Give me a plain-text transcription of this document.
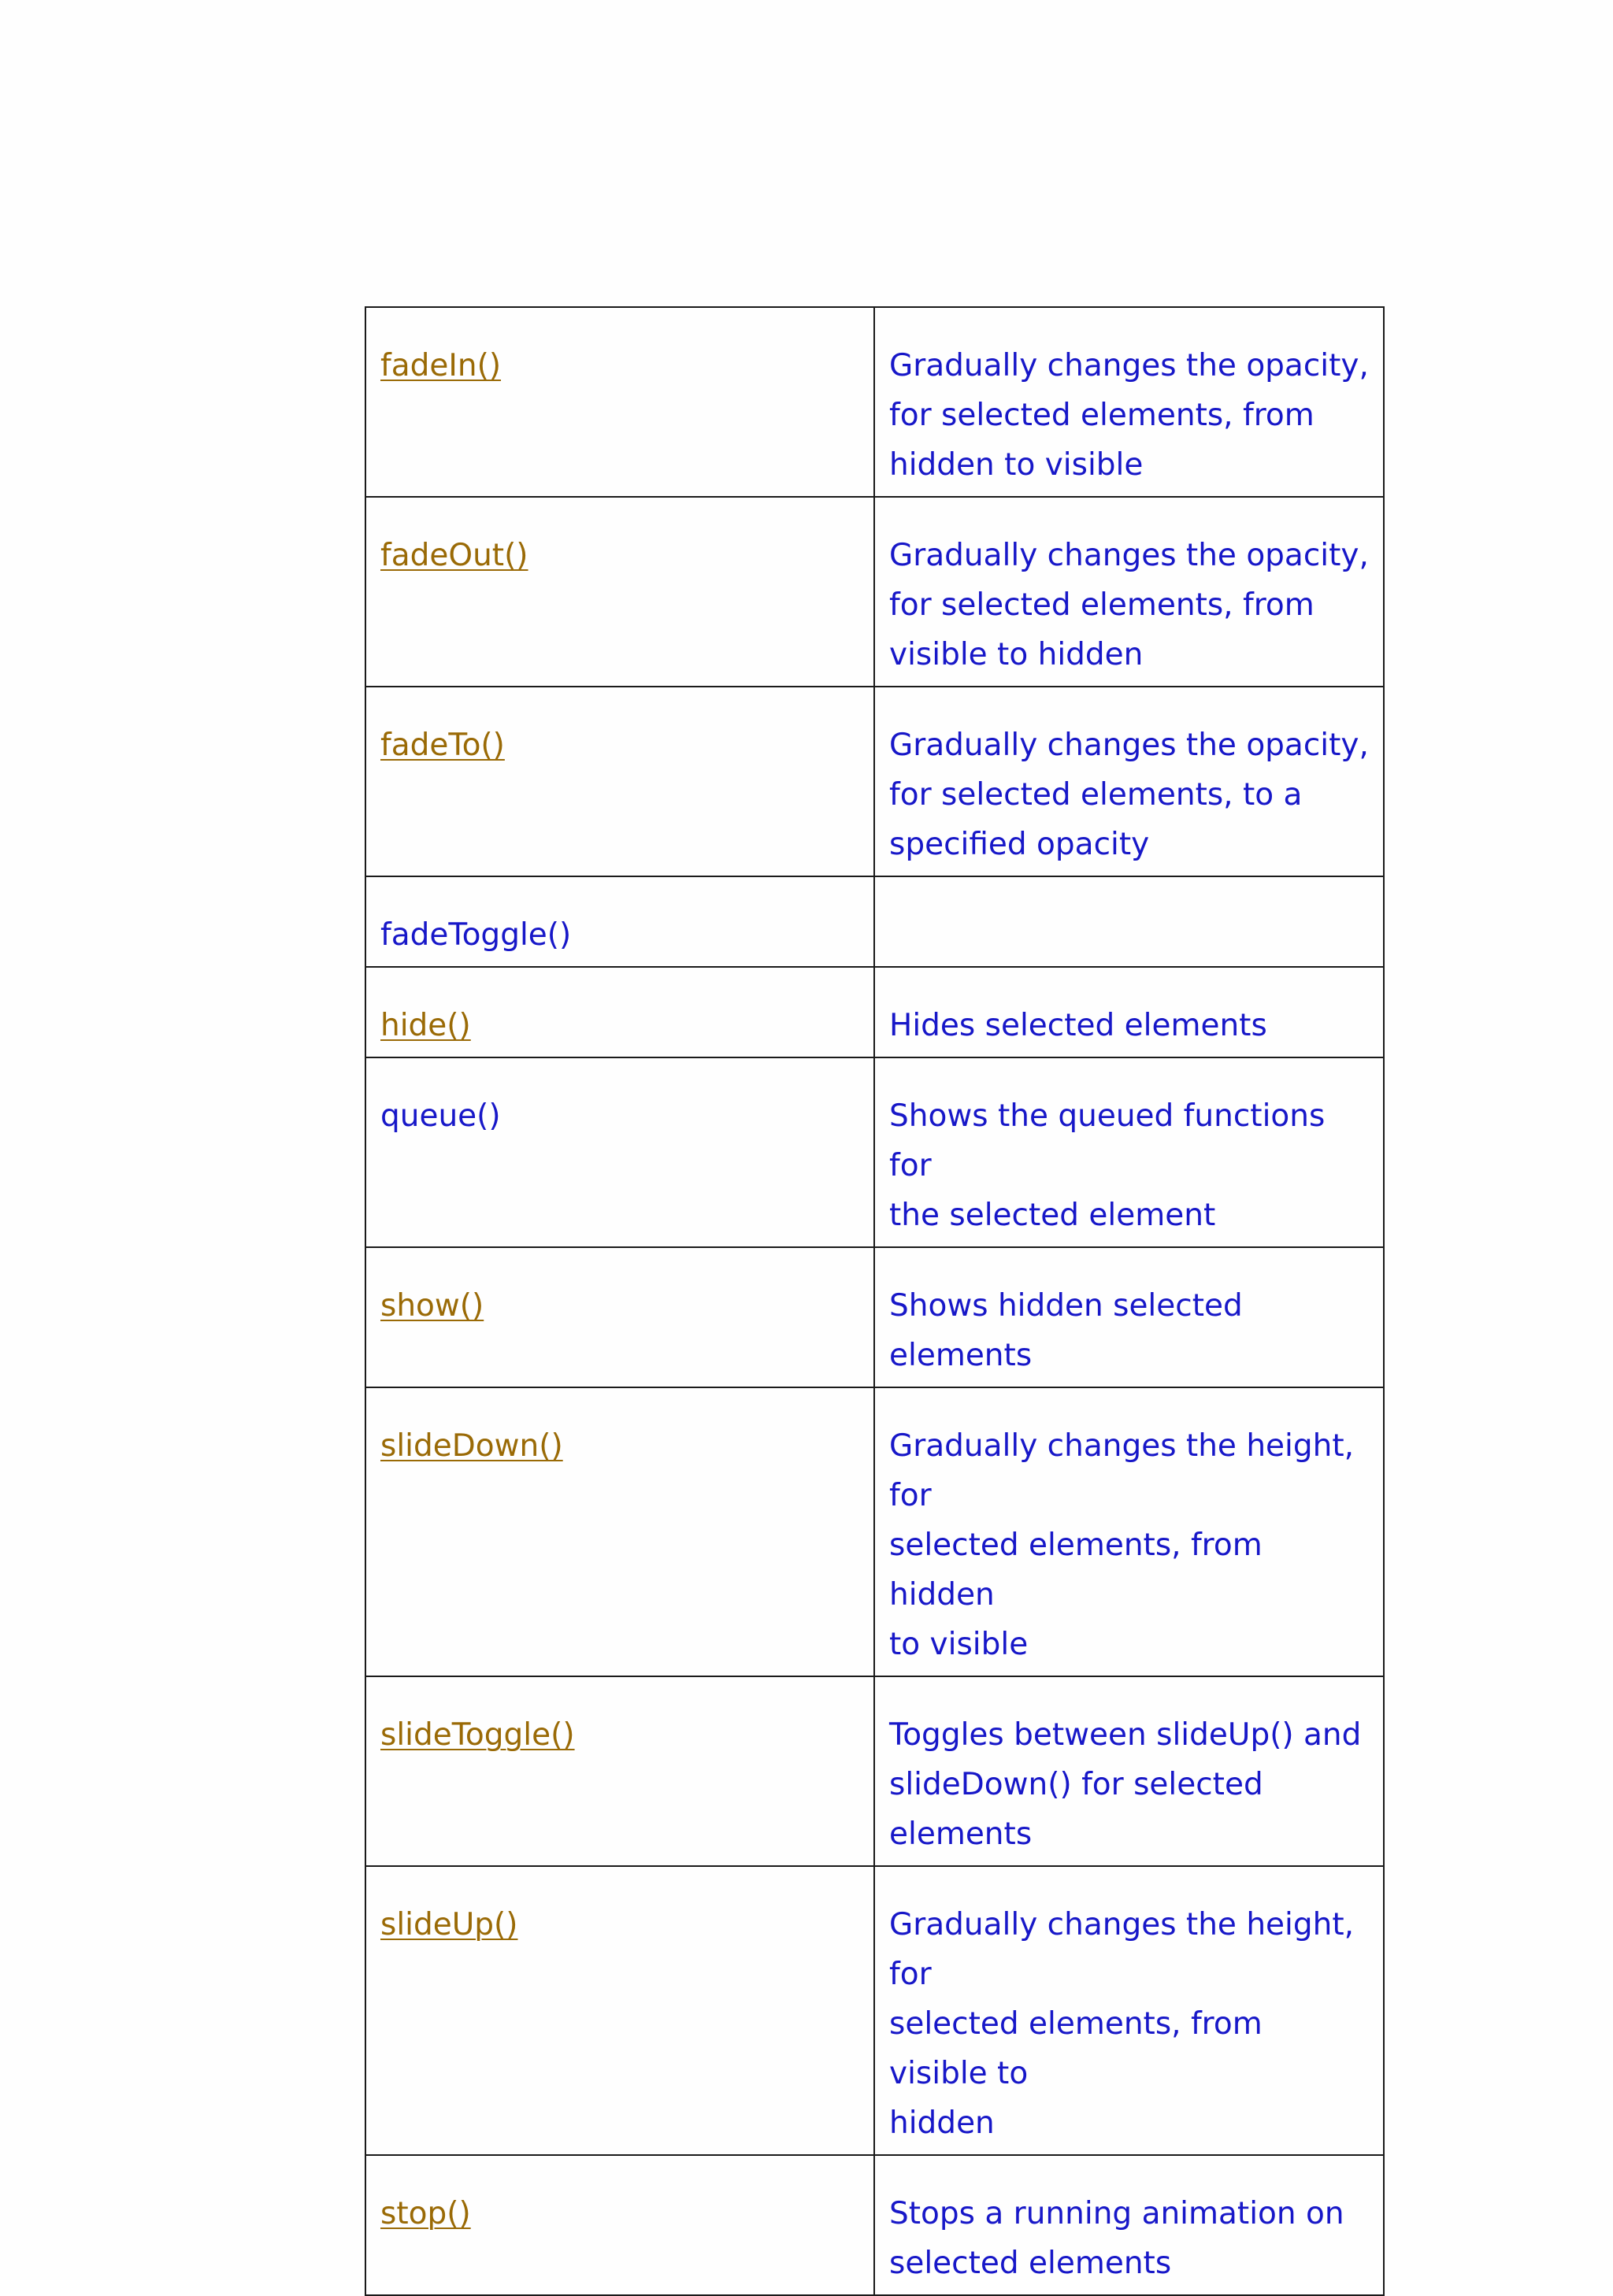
fadeIn()	Gradually changes the opacity,
for selected elements, from
hidden to visible

fadeOut()	Gradually changes the opacity,
for selected elements, from
visible to hidden

fadeTo()	Gradually changes the opacity,
for selected elements, to a
specified opacity

fadeToggle()	

hide()	Hides selected elements

queue()	Shows the queued functions for
the selected element

show()	Shows hidden selected elements

slideDown()	Gradually changes the height, for
selected elements, from hidden
to visible

slideToggle()	Toggles between slideUp() and
slideDown() for selected
elements

slideUp()	Gradually changes the height, for
selected elements, from visible to
hidden

stop()	Stops a running animation on
selected elements
